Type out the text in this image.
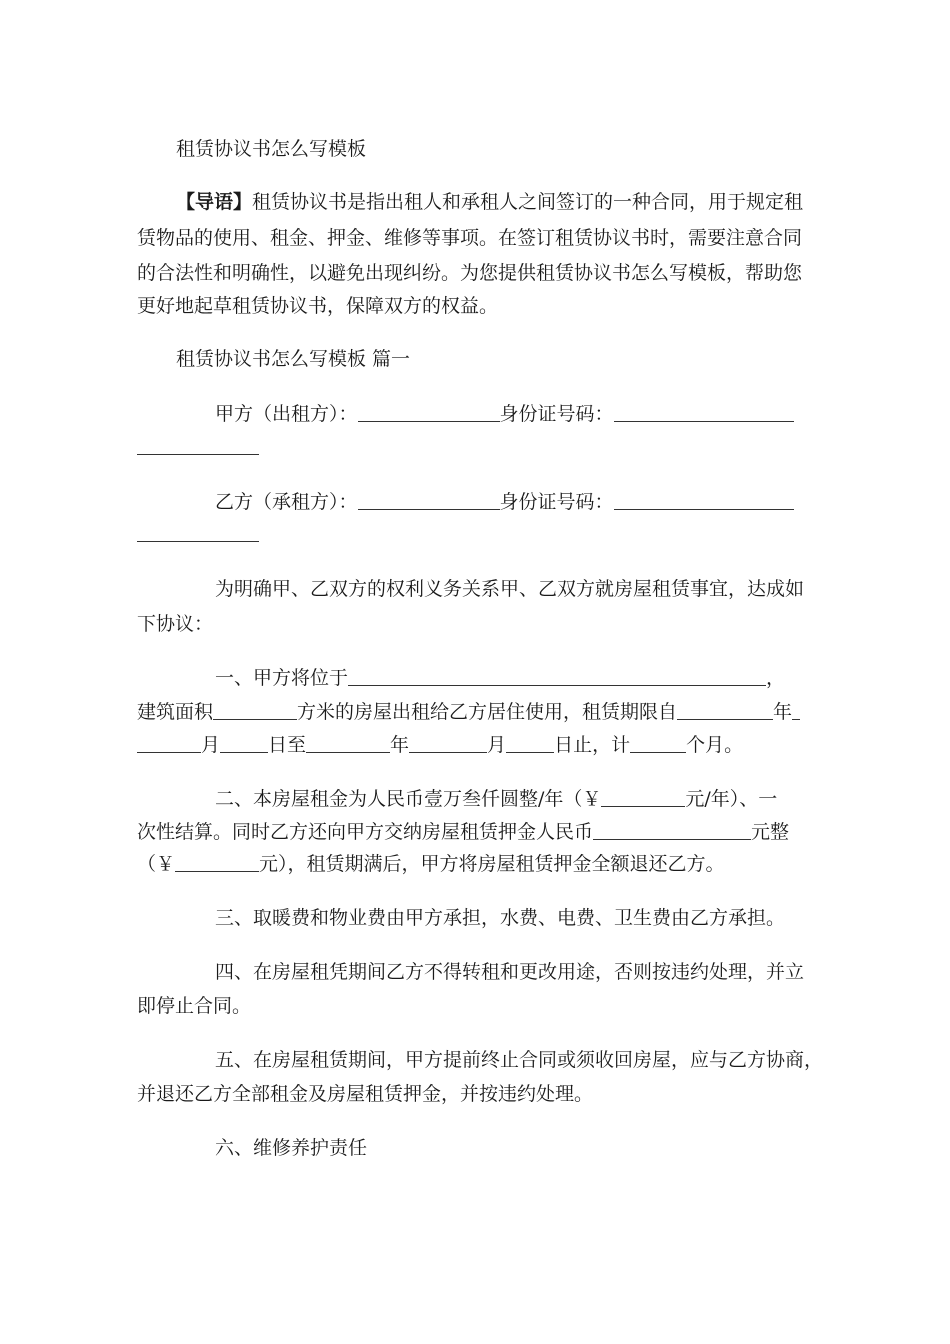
租赁协议书怎么写模板
【导语】租赁协议书是指出租人和承租人之间签订的一种合同，用于规定租
赁物品的使用、租金、押金、维修等事项。在签订租赁协议书时，需要注意合同
的合法性和明确性，以避免出现纠纷。为您提供租赁协议书怎么写模板，帮助您
更好地起草租赁协议书，保障双方的权益。
租赁协议书怎么写模板 篇一
甲方（出租方）：	身份证号码：
乙方（承租方）：	身份证号码：
为明确甲、乙双方的权利义务关系甲、乙双方就房屋租赁事宜，达成如
下协议：
一、甲方将位于	，
建筑面积	方米的房屋出租给乙方居住使用，租赁期限自	年
月	日至	年	月	日止，计	个月。
二、本房屋租金为人民币壹万叁仟圆整/年（￥	元/年）、一
次性结算。同时乙方还向甲方交纳房屋租赁押金人民币	元整
（￥	元），租赁期满后，甲方将房屋租赁押金全额退还乙方。
三、取暖费和物业费由甲方承担，水费、电费、卫生费由乙方承担。
四、在房屋租凭期间乙方不得转租和更改用途，否则按违约处理，并立
即停止合同。
五、在房屋租赁期间，甲方提前终止合同或须收回房屋，应与乙方协商，
并退还乙方全部租金及房屋租赁押金，并按违约处理。
六、维修养护责任
